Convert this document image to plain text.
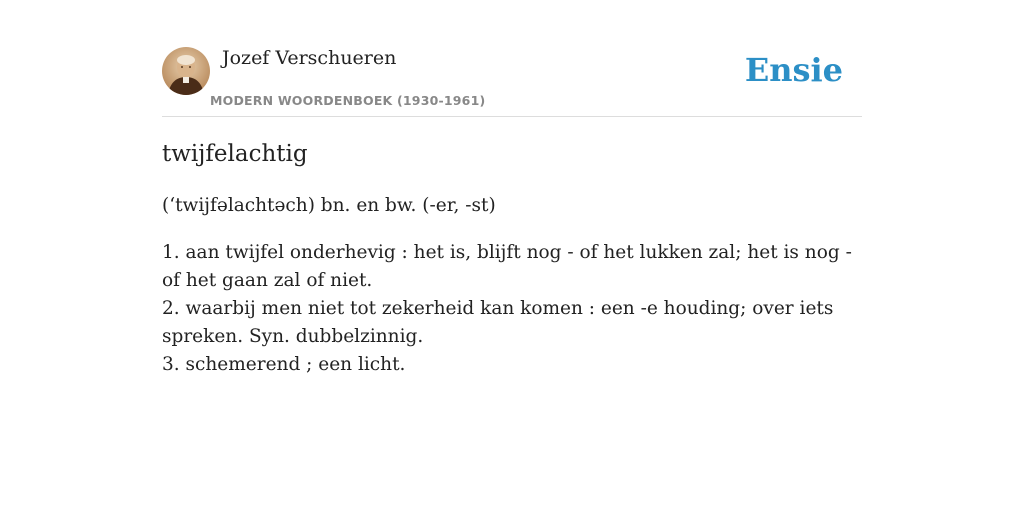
Jozef Verschueren
MODERN WOORDENBOEK (1930-1961)
Ensie
twijfelachtig
(‘twijfəlachtəch) bn. en bw. (-er, -st)
1. aan twijfel onderhevig : het is, blijft nog - of het lukken zal; het is nog - of het gaan zal of niet.
2. waarbij men niet tot zekerheid kan komen : een -e houding; over iets spreken. Syn. dubbelzinnig.
3. schemerend ; een licht.
